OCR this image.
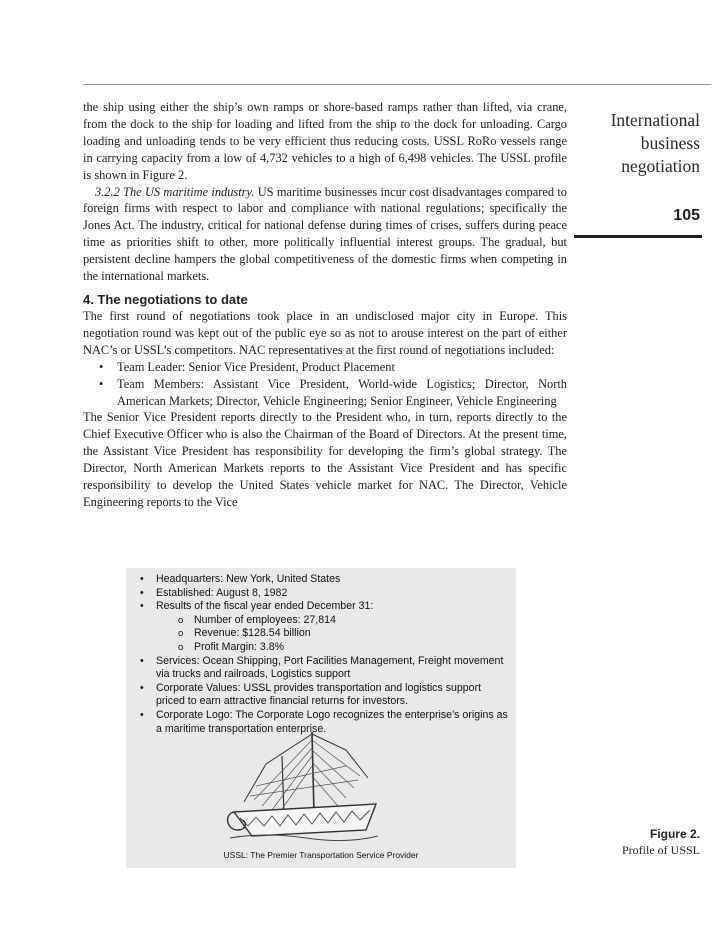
the ship using either the ship’s own ramps or shore-based ramps rather than lifted, via crane, from the dock to the ship for loading and lifted from the ship to the dock for unloading. Cargo loading and unloading tends to be very efficient thus reducing costs. USSL RoRo vessels range in carrying capacity from a low of 4,732 vehicles to a high of 6,498 vehicles. The USSL profile is shown in Figure 2.

3.2.2 The US maritime industry. US maritime businesses incur cost disadvantages compared to foreign firms with respect to labor and compliance with national regulations; specifically the Jones Act. The industry, critical for national defense during times of crises, suffers during peace time as priorities shift to other, more politically influential interest groups. The gradual, but persistent decline hampers the global competitiveness of the domestic firms when competing in the international markets.

4. The negotiations to date

The first round of negotiations took place in an undisclosed major city in Europe. This negotiation round was kept out of the public eye so as not to arouse interest on the part of either NAC’s or USSL’s competitors. NAC representatives at the first round of negotiations included:

• Team Leader: Senior Vice President, Product Placement
• Team Members: Assistant Vice President, World-wide Logistics; Director, North American Markets; Director, Vehicle Engineering; Senior Engineer, Vehicle Engineering

The Senior Vice President reports directly to the President who, in turn, reports directly to the Chief Executive Officer who is also the Chairman of the Board of Directors. At the present time, the Assistant Vice President has responsibility for developing the firm’s global strategy. The Director, North American Markets reports to the Assistant Vice President and has specific responsibility to develop the United States vehicle market for NAC. The Director, Vehicle Engineering reports to the Vice

International
business
negotiation
105
• Headquarters: New York, United States
• Established: August 8, 1982
• Results of the fiscal year ended December 31:
o Number of employees: 27,814
o Revenue: $128.54 billion
o Profit Margin: 3.8%
• Services: Ocean Shipping, Port Facilities Management, Freight movement via trucks and railroads, Logistics support
• Corporate Values: USSL provides transportation and logistics support priced to earn attractive financial returns for investors.
• Corporate Logo: The Corporate Logo recognizes the enterprise’s origins as a maritime transportation enterprise.
USSL: The Premier Transportation Service Provider
Figure 2.
Profile of USSL
